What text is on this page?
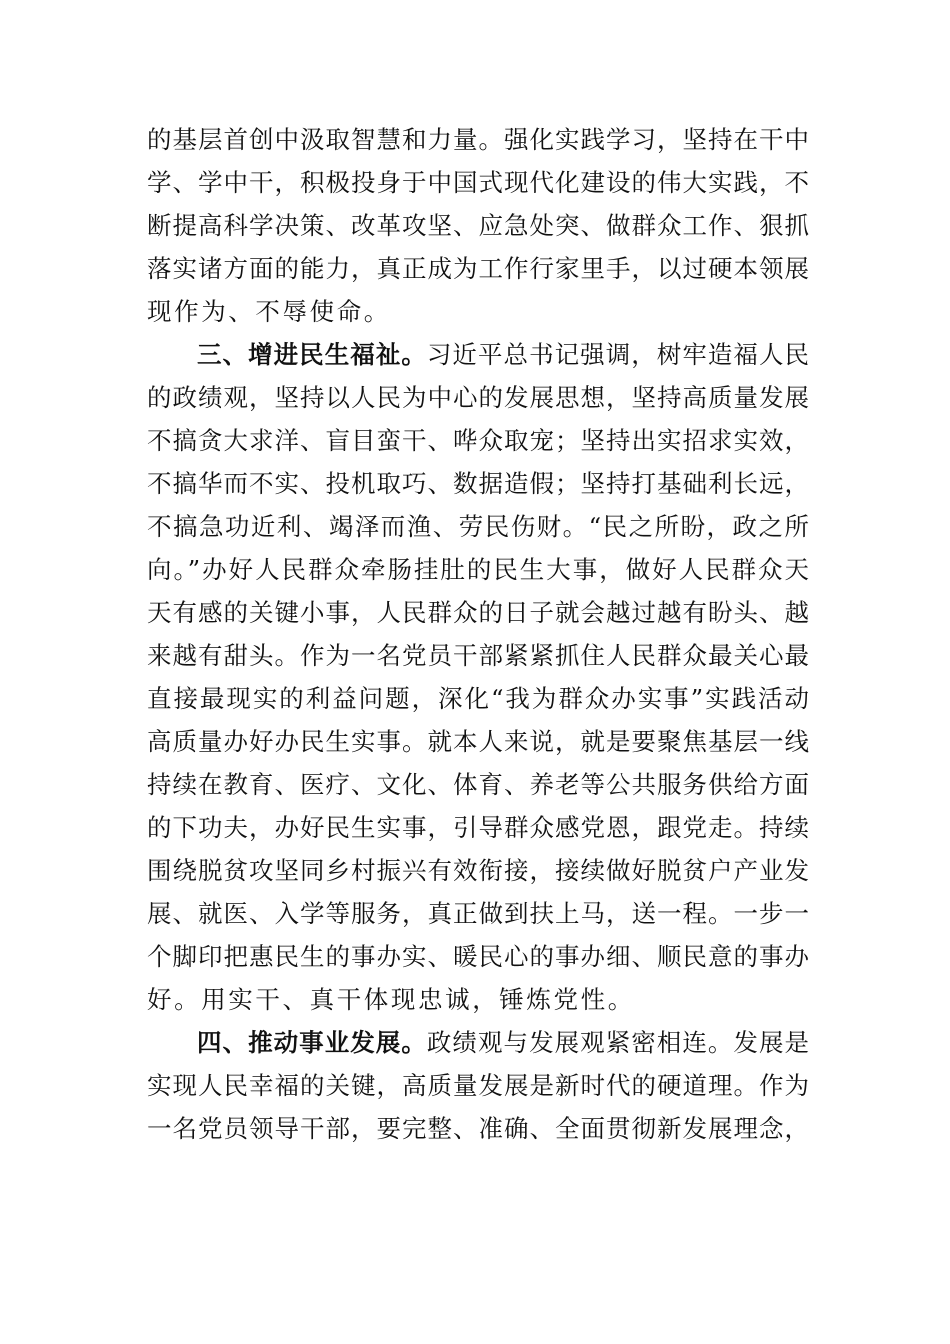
的基层首创中汲取智慧和力量。强化实践学习，坚持在干中
学、学中干，积极投身于中国式现代化建设的伟大实践，不
断提高科学决策、改革攻坚、应急处突、做群众工作、狠抓
落实诸方面的能力，真正成为工作行家里手，以过硬本领展
现作为、不辱使命。
三、增进民生福祉。习近平总书记强调，树牢造福人民
的政绩观，坚持以人民为中心的发展思想，坚持高质量发展
不搞贪大求洋、盲目蛮干、哗众取宠；坚持出实招求实效，
不搞华而不实、投机取巧、数据造假；坚持打基础利长远，
不搞急功近利、竭泽而渔、劳民伤财。“民之所盼，政之所
向。”办好人民群众牵肠挂肚的民生大事，做好人民群众天
天有感的关键小事，人民群众的日子就会越过越有盼头、越
来越有甜头。作为一名党员干部紧紧抓住人民群众最关心最
直接最现实的利益问题，深化“我为群众办实事”实践活动
高质量办好办民生实事。就本人来说，就是要聚焦基层一线
持续在教育、医疗、文化、体育、养老等公共服务供给方面
的下功夫，办好民生实事，引导群众感党恩，跟党走。持续
围绕脱贫攻坚同乡村振兴有效衔接，接续做好脱贫户产业发
展、就医、入学等服务，真正做到扶上马，送一程。一步一
个脚印把惠民生的事办实、暖民心的事办细、顺民意的事办
好。用实干、真干体现忠诚，锤炼党性。
四、推动事业发展。政绩观与发展观紧密相连。发展是
实现人民幸福的关键，高质量发展是新时代的硬道理。作为
一名党员领导干部，要完整、准确、全面贯彻新发展理念，
